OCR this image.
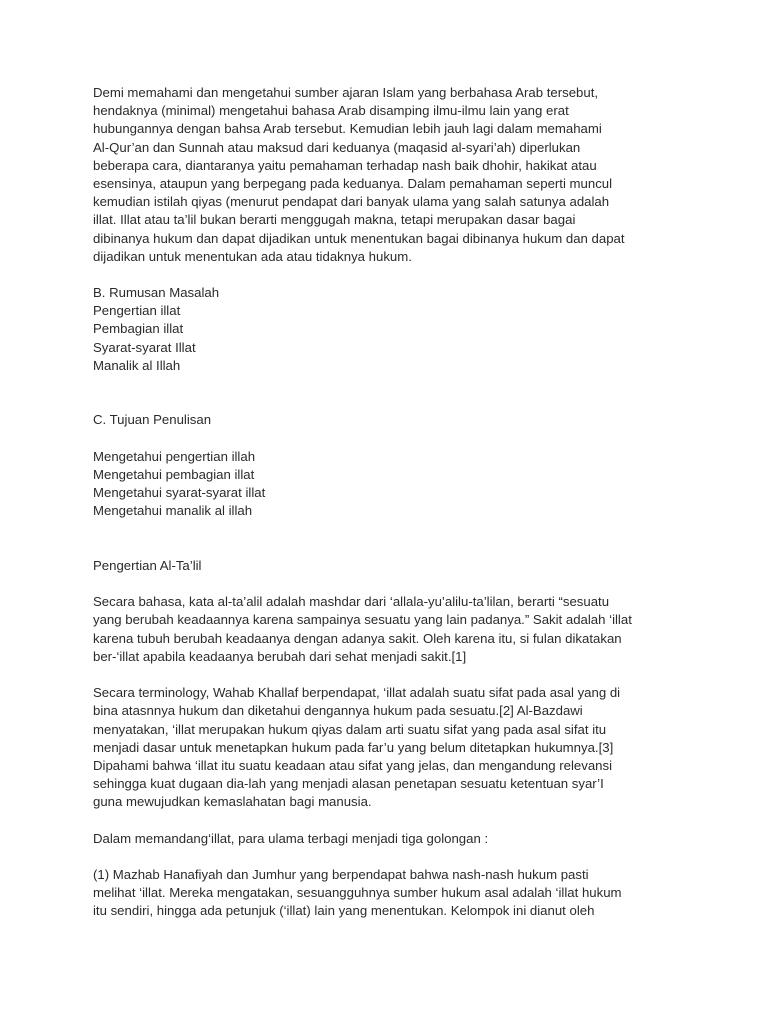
Demi memahami dan mengetahui sumber ajaran Islam yang berbahasa Arab tersebut,
hendaknya (minimal) mengetahui bahasa Arab disamping ilmu-ilmu lain yang erat
hubungannya dengan bahsa Arab tersebut. Kemudian lebih jauh lagi dalam memahami
Al-Qur’an dan Sunnah atau maksud dari keduanya (maqasid al-syari’ah) diperlukan
beberapa cara, diantaranya yaitu pemahaman terhadap nash baik dhohir, hakikat atau
esensinya, ataupun yang berpegang pada keduanya. Dalam pemahaman seperti muncul
kemudian istilah qiyas (menurut pendapat dari banyak ulama yang salah satunya adalah
illat. Illat atau ta’lil bukan berarti menggugah makna, tetapi merupakan dasar bagai
dibinanya hukum dan dapat dijadikan untuk menentukan bagai dibinanya hukum dan dapat
dijadikan untuk menentukan ada atau tidaknya hukum.
B. Rumusan Masalah
Pengertian illat
Pembagian illat
Syarat-syarat Illat
Manalik al Illah
C. Tujuan Penulisan
Mengetahui pengertian illah
Mengetahui pembagian illat
Mengetahui syarat-syarat illat
Mengetahui manalik al illah
Pengertian Al-Ta’lil
Secara bahasa, kata al-ta’alil adalah mashdar dari ‘allala-yu’alilu-ta’lilan, berarti “sesuatu
yang berubah keadaannya karena sampainya sesuatu yang lain padanya.” Sakit adalah ‘illat
karena tubuh berubah keadaanya dengan adanya sakit. Oleh karena itu, si fulan dikatakan
ber-‘illat apabila keadaanya berubah dari sehat menjadi sakit.[1]
Secara terminology, Wahab Khallaf berpendapat, ‘illat adalah suatu sifat pada asal yang di
bina atasnnya hukum dan diketahui dengannya hukum pada sesuatu.[2] Al-Bazdawi
menyatakan, ‘illat merupakan hukum qiyas dalam arti suatu sifat yang pada asal sifat itu
menjadi dasar untuk menetapkan hukum pada far’u yang belum ditetapkan hukumnya.[3]
Dipahami bahwa ‘illat itu suatu keadaan atau sifat yang jelas, dan mengandung relevansi
sehingga kuat dugaan dia-lah yang menjadi alasan penetapan sesuatu ketentuan syar’I
guna mewujudkan kemaslahatan bagi manusia.
Dalam memandang‘illat, para ulama terbagi menjadi tiga golongan :
(1) Mazhab Hanafiyah dan Jumhur yang berpendapat bahwa nash-nash hukum pasti
melihat ‘illat. Mereka mengatakan, sesuangguhnya sumber hukum asal adalah ‘illat hukum
itu sendiri, hingga ada petunjuk (‘illat) lain yang menentukan. Kelompok ini dianut oleh
